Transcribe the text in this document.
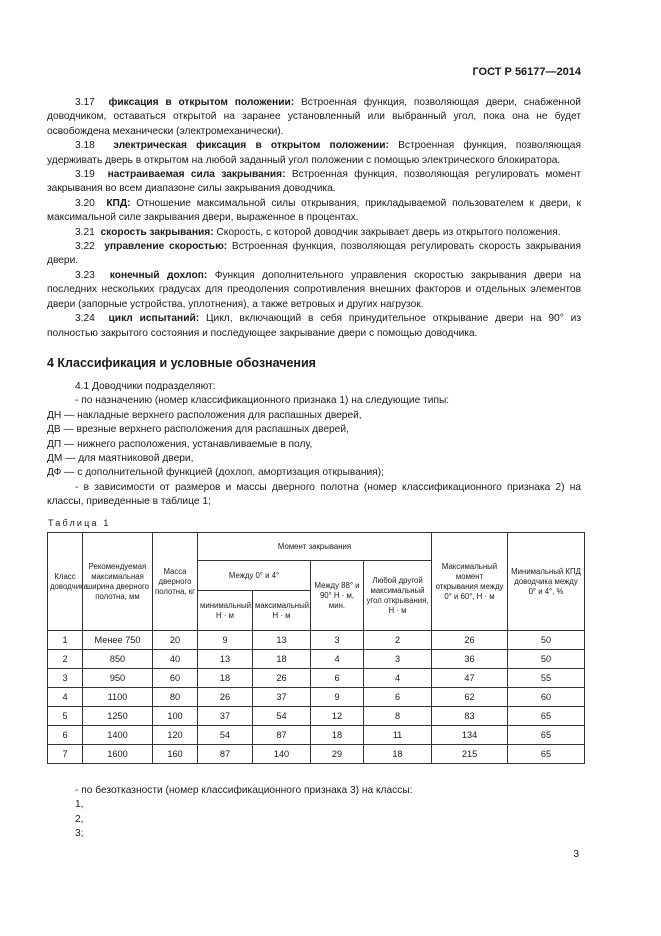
ГОСТ Р 56177—2014

3.17 фиксация в открытом положении: Встроенная функция, позволяющая двери, снабженной доводчиком, оставаться открытой на заранее установленный или выбранный угол, пока она не будет освобождена механически (электромеханически).

3.18 электрическая фиксация в открытом положении: Встроенная функция, позволяющая удерживать дверь в открытом на любой заданный угол положении с помощью электрического блокиратора.

3.19 настраиваемая сила закрывания: Встроенная функция, позволяющая регулировать момент закрывания во всем диапазоне силы закрывания доводчика.

3.20 КПД: Отношение максимальной силы открывания, прикладываемой пользователем к двери, к максимальной силе закрывания двери, выраженное в процентах.

3.21 скорость закрывания: Скорость, с которой доводчик закрывает дверь из открытого положения.

3.22 управление скоростью: Встроенная функция, позволяющая регулировать скорость закрывания двери.

3.23 конечный дохлоп: Функция дополнительного управления скоростью закрывания двери на последних нескольких градусах для преодоления сопротивления внешних факторов и отдельных элементов двери (запорные устройства, уплотнения), а также ветровых и других нагрузок.

3.24 цикл испытаний: Цикл, включающий в себя принудительное открывание двери на 90° из полностью закрытого состояния и последующее закрывание двери с помощью доводчика.

4 Классификация и условные обозначения

4.1 Доводчики подразделяют:

- по назначению (номер классификационного признака 1) на следующие типы:

ДН — накладные верхнего расположения для распашных дверей,

ДВ — врезные верхнего расположения для распашных дверей,

ДП — нижнего расположения, устанавливаемые в полу,

ДМ — для маятниковой двери,

ДФ — с дополнительной функцией (дохлоп, амортизация открывания);

- в зависимости от размеров и массы дверного полотна (номер классификационного признака 2) на классы, приведенные в таблице 1;

Таблица 1
Класс доводчика	Рекомендуемая максимальная ширина дверного полотна, мм	Масса дверного полотна, кг	Момент закрывания				Максимальный момент открывания между 0° и 60°, Н · м	Минимальный КПД доводчика между 0° и 4°, %
			Между 0° и 4°		Между 88° и 90° Н · м, мин.	Любой другой максимальный угол открывания, Н · м		
			минимальный, Н · м	максимальный, Н · м				
1	Менее 750	20	9	13	3	2	26	50
2	850	40	13	18	4	3	36	50
3	950	60	18	26	6	4	47	55
4	1100	80	26	37	9	6	62	60
5	1250	100	37	54	12	8	83	65
6	1400	120	54	87	18	11	134	65
7	1600	160	87	140	29	18	215	65

- по безотказности (номер классификационного признака 3) на классы:

1,

2,

3;

3
